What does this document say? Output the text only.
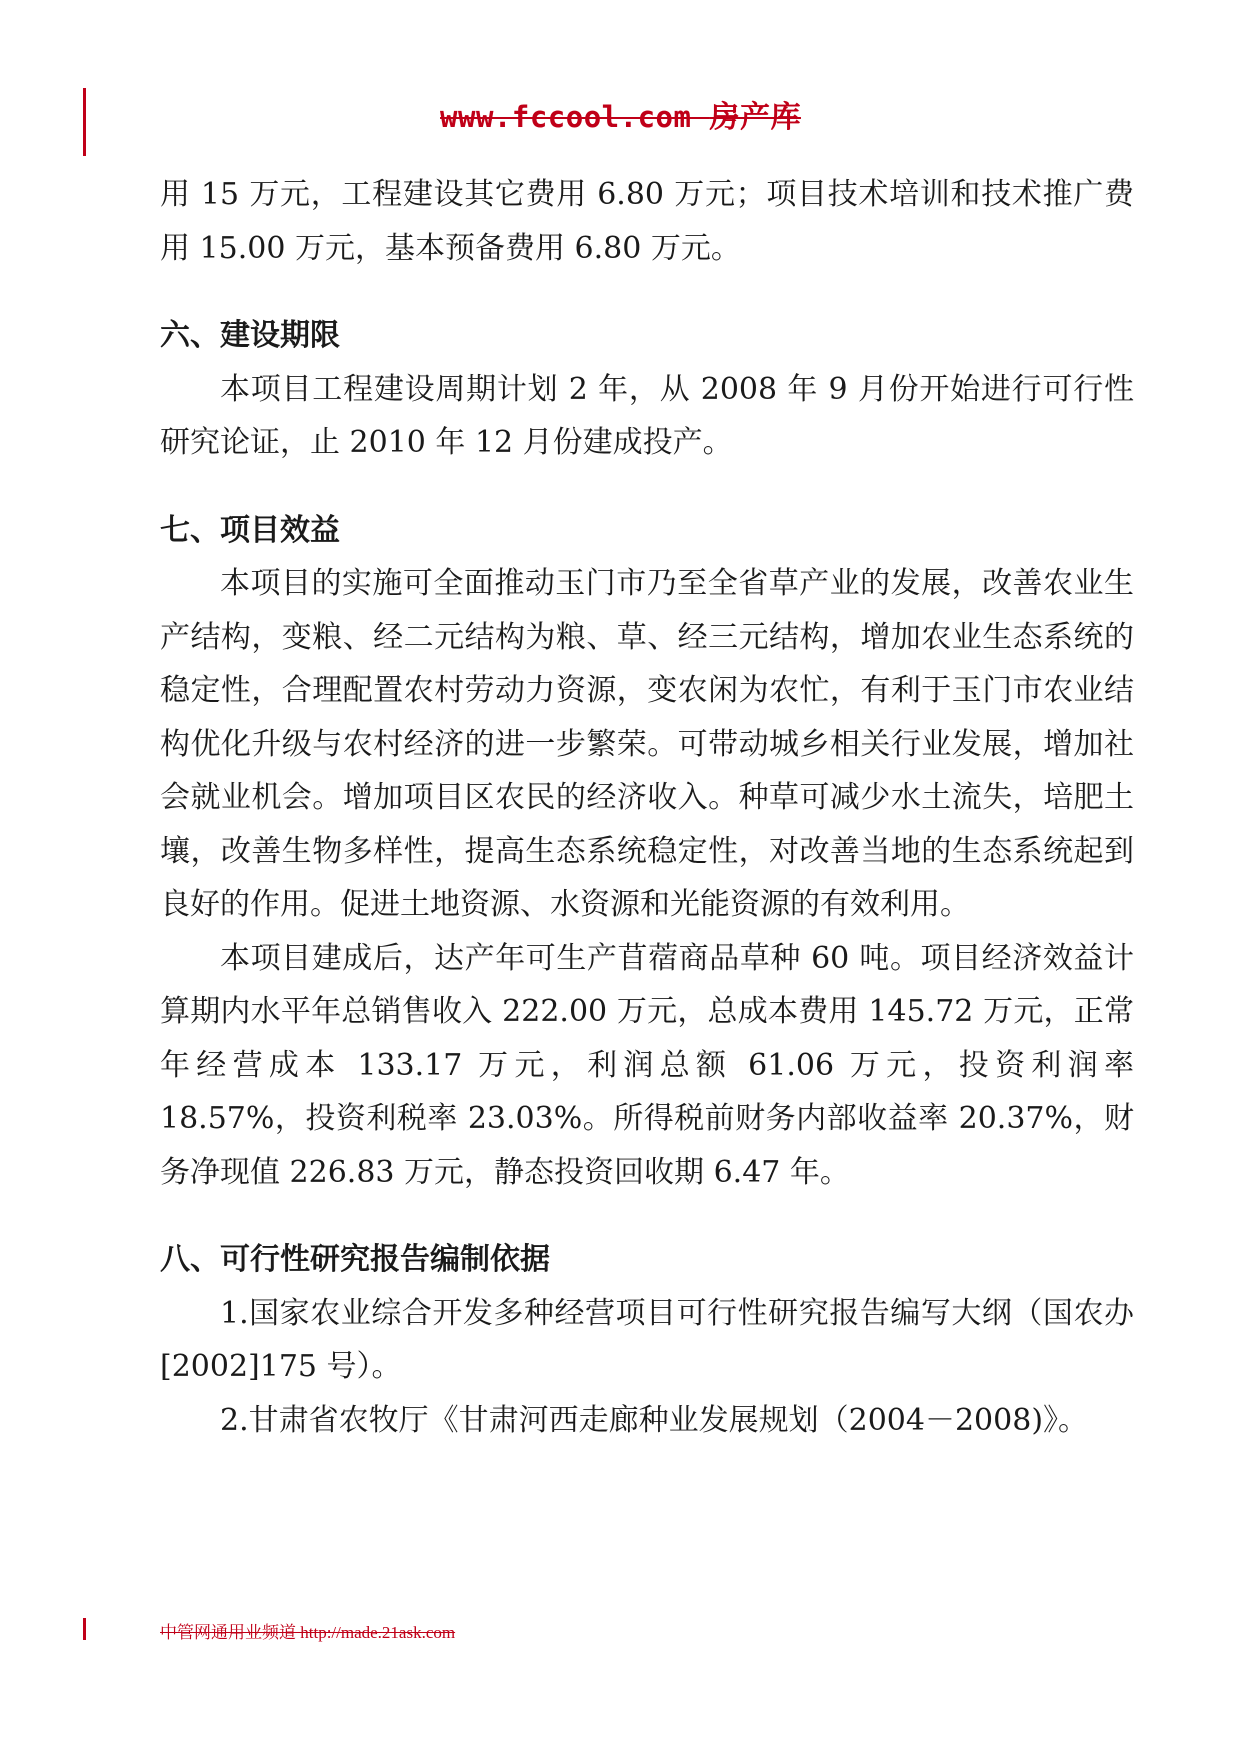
www.fccool.com 房产库

用 15 万元，工程建设其它费用 6.80 万元；项目技术培训和技术推广费用 15.00 万元，基本预备费用 6.80 万元。

六、建设期限

本项目工程建设周期计划 2 年，从 2008 年 9 月份开始进行可行性研究论证，止 2010 年 12 月份建成投产。

七、项目效益

本项目的实施可全面推动玉门市乃至全省草产业的发展，改善农业生产结构，变粮、经二元结构为粮、草、经三元结构，增加农业生态系统的稳定性，合理配置农村劳动力资源，变农闲为农忙，有利于玉门市农业结构优化升级与农村经济的进一步繁荣。可带动城乡相关行业发展，增加社会就业机会。增加项目区农民的经济收入。种草可减少水土流失，培肥土壤，改善生物多样性，提高生态系统稳定性，对改善当地的生态系统起到良好的作用。促进土地资源、水资源和光能资源的有效利用。

本项目建成后，达产年可生产苜蓿商品草种 60 吨。项目经济效益计算期内水平年总销售收入 222.00 万元，总成本费用 145.72 万元，正常年经营成本 133.17 万元，利润总额 61.06 万元，投资利润率 18.57%，投资利税率 23.03%。所得税前财务内部收益率 20.37%，财务净现值 226.83 万元，静态投资回收期 6.47 年。

八、可行性研究报告编制依据

1.国家农业综合开发多种经营项目可行性研究报告编写大纲（国农办[2002]175 号）。

2.甘肃省农牧厅《甘肃河西走廊种业发展规划（2004－2008)》。

中管网通用业频道 http://made.21ask.com
